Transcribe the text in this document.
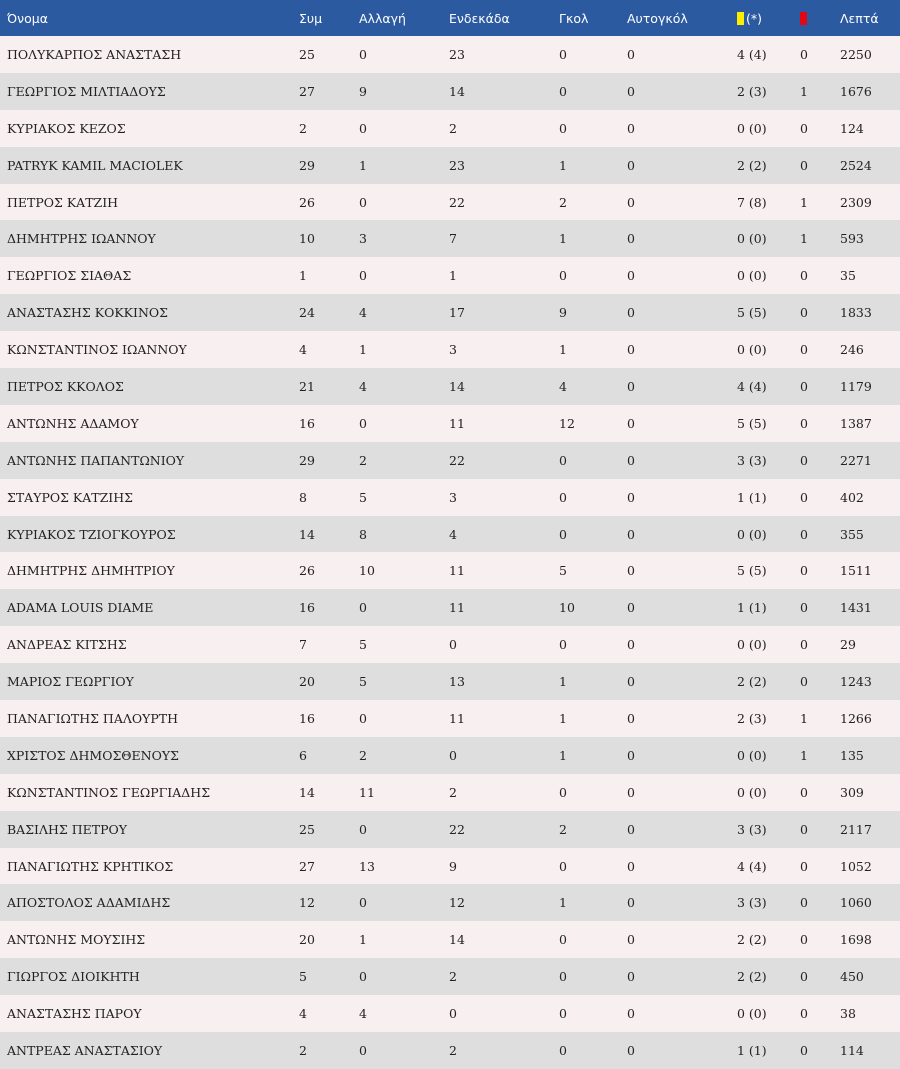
Όνομα	Συμ	Αλλαγή	Ενδεκάδα	Γκολ	Αυτογκόλ	(*)		Λεπτά
ΠΟΛΥΚΑΡΠΟΣ ΑΝΑΣΤΑΣΗ	25	0	23	0	0	4 (4)	0	2250
ΓΕΩΡΓΙΟΣ ΜΙΛΤΙΑΔΟΥΣ	27	9	14	0	0	2 (3)	1	1676
ΚΥΡΙΑΚΟΣ ΚΕΖΟΣ	2	0	2	0	0	0 (0)	0	124
PATRYK KAMIL MACIOLEK	29	1	23	1	0	2 (2)	0	2524
ΠΕΤΡΟΣ ΚΑΤΖΙΗ	26	0	22	2	0	7 (8)	1	2309
ΔΗΜΗΤΡΗΣ ΙΩΑΝΝΟΥ	10	3	7	1	0	0 (0)	1	593
ΓΕΩΡΓΙΟΣ ΣΙΑΘΑΣ	1	0	1	0	0	0 (0)	0	35
ΑΝΑΣΤΑΣΗΣ ΚΟΚΚΙΝΟΣ	24	4	17	9	0	5 (5)	0	1833
ΚΩΝΣΤΑΝΤΙΝΟΣ ΙΩΑΝΝΟΥ	4	1	3	1	0	0 (0)	0	246
ΠΕΤΡΟΣ ΚΚΟΛΟΣ	21	4	14	4	0	4 (4)	0	1179
ΑΝΤΩΝΗΣ ΑΔΑΜΟΥ	16	0	11	12	0	5 (5)	0	1387
ΑΝΤΩΝΗΣ ΠΑΠΑΝΤΩΝΙΟΥ	29	2	22	0	0	3 (3)	0	2271
ΣΤΑΥΡΟΣ ΚΑΤΖΙΗΣ	8	5	3	0	0	1 (1)	0	402
ΚΥΡΙΑΚΟΣ ΤΖΙΟΓΚΟΥΡΟΣ	14	8	4	0	0	0 (0)	0	355
ΔΗΜΗΤΡΗΣ ΔΗΜΗΤΡΙΟΥ	26	10	11	5	0	5 (5)	0	1511
ADAMA LOUIS DIAME	16	0	11	10	0	1 (1)	0	1431
ΑΝΔΡΕΑΣ ΚΙΤΣΗΣ	7	5	0	0	0	0 (0)	0	29
ΜΑΡΙΟΣ ΓΕΩΡΓΙΟΥ	20	5	13	1	0	2 (2)	0	1243
ΠΑΝΑΓΙΩΤΗΣ ΠΑΛΟΥΡΤΗ	16	0	11	1	0	2 (3)	1	1266
ΧΡΙΣΤΟΣ ΔΗΜΟΣΘΕΝΟΥΣ	6	2	0	1	0	0 (0)	1	135
ΚΩΝΣΤΑΝΤΙΝΟΣ ΓΕΩΡΓΙΑΔΗΣ	14	11	2	0	0	0 (0)	0	309
ΒΑΣΙΛΗΣ ΠΕΤΡΟΥ	25	0	22	2	0	3 (3)	0	2117
ΠΑΝΑΓΙΩΤΗΣ ΚΡΗΤΙΚΟΣ	27	13	9	0	0	4 (4)	0	1052
ΑΠΟΣΤΟΛΟΣ ΑΔΑΜΙΔΗΣ	12	0	12	1	0	3 (3)	0	1060
ΑΝΤΩΝΗΣ ΜΟΥΣΙΗΣ	20	1	14	0	0	2 (2)	0	1698
ΓΙΩΡΓΟΣ ΔΙΟΙΚΗΤΗ	5	0	2	0	0	2 (2)	0	450
ΑΝΑΣΤΑΣΗΣ ΠΑΡΟΥ	4	4	0	0	0	0 (0)	0	38
ΑΝΤΡΕΑΣ ΑΝΑΣΤΑΣΙΟΥ	2	0	2	0	0	1 (1)	0	114
